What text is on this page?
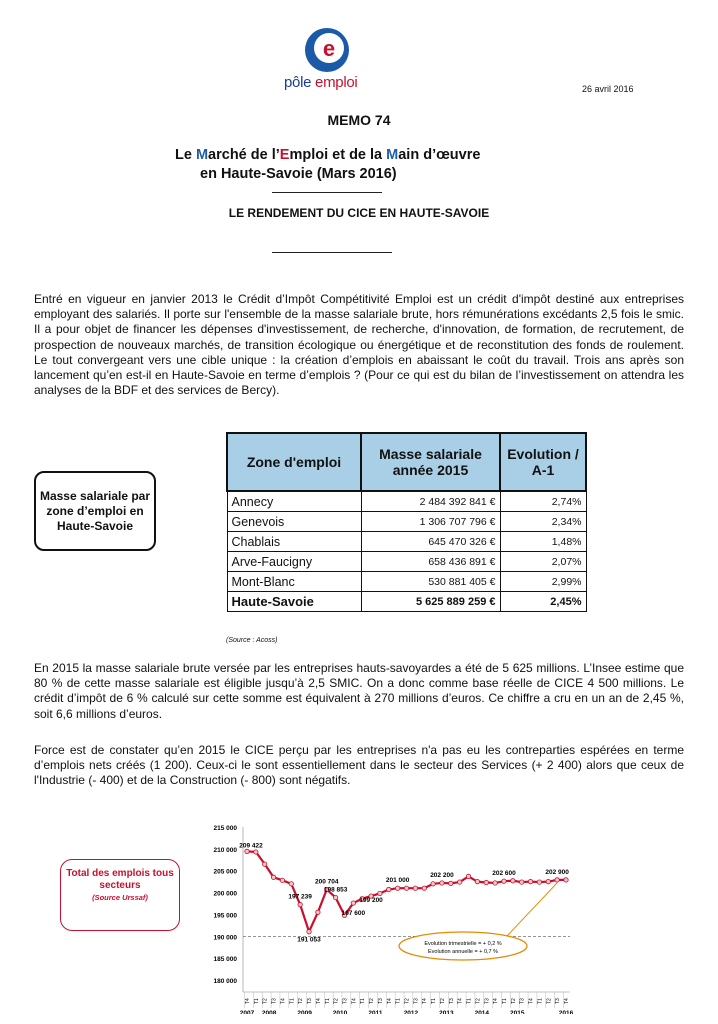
e
pôle emploi	26 avril 2016
MEMO 74
Le Marché de l’Emploi et de la Main d’œuvre
en Haute-Savoie (Mars 2016)
LE RENDEMENT DU CICE EN HAUTE-SAVOIE
Entré en vigueur en janvier 2013 le Crédit d’Impôt Compétitivité Emploi est un crédit d'impôt destiné aux entreprises employant des salariés. Il porte sur l'ensemble de la masse salariale brute, hors rémunérations excédants 2,5 fois le smic. Il a pour objet de financer les dépenses d'investissement, de recherche, d'innovation, de formation, de recrutement, de prospection de nouveaux marchés, de transition écologique ou énergétique et de reconstitution des fonds de roulement. Le tout convergeant vers une cible unique : la création d’emplois en abaissant le coût du travail. Trois ans après son lancement qu’en est-il en Haute-Savoie en terme d’emplois ? (Pour ce qui est du bilan de l’investissement on attendra les analyses de la BDF et des services de Bercy).
Masse salariale par zone d’emploi en Haute-Savoie
Zone d'emploi	Masse salariale année 2015	Evolution / A-1
Annecy	2 484 392 841 €	2,74%
Genevois	1 306 707 796 €	2,34%
Chablais	645 470 326 €	1,48%
Arve-Faucigny	658 436 891 €	2,07%
Mont-Blanc	530 881 405 €	2,99%
Haute-Savoie	5 625 889 259 €	2,45%
(Source : Acoss)
En 2015 la masse salariale brute versée par les entreprises hauts-savoyardes a été de 5 625 millions. L’Insee estime que 80 % de cette masse salariale est éligible jusqu’à 2,5 SMIC. On a donc comme base réelle de CICE 4 500 millions. Le crédit d’impôt de 6 % calculé sur cette somme est équivalent à 270 millions d’euros. Ce chiffre a cru en un an de 2,45 %, soit 6,6 millions d’euros.
Force est de constater qu’en 2015 le CICE perçu par les entreprises n'a pas eu les contreparties espérées en terme d’emplois nets créés (1 200). Ceux-ci le sont essentiellement dans le secteur des Services (+ 2 400) alors que ceux de l'Industrie (- 400) et de la Construction (- 800) sont négatifs.
Total des emplois tous secteurs
(Source Urssaf)
180 000
185 000
190 000
195 000
200 000
205 000
210 000
215 000
T4 T1 T2 T3 T4 T1 T2 T3 T4 T1 T2 T3 T4 T1 T2 T3 T4 T1 T2 T3 T4 T1 T2 T3 T4 T1 T2 T3 T4 T1 T2 T3 T4 T1 T2 T3 T4
2007 2008	2009	2010	2011	2012	2013	2014	2015	2016
209 422
200 704
197 239
198 853
191 053
197 600
199 200
201 000
202 200	202 600	202 900
Evolution trimestrielle = + 0,2 %
Evolution annuelle = + 0,7 %
